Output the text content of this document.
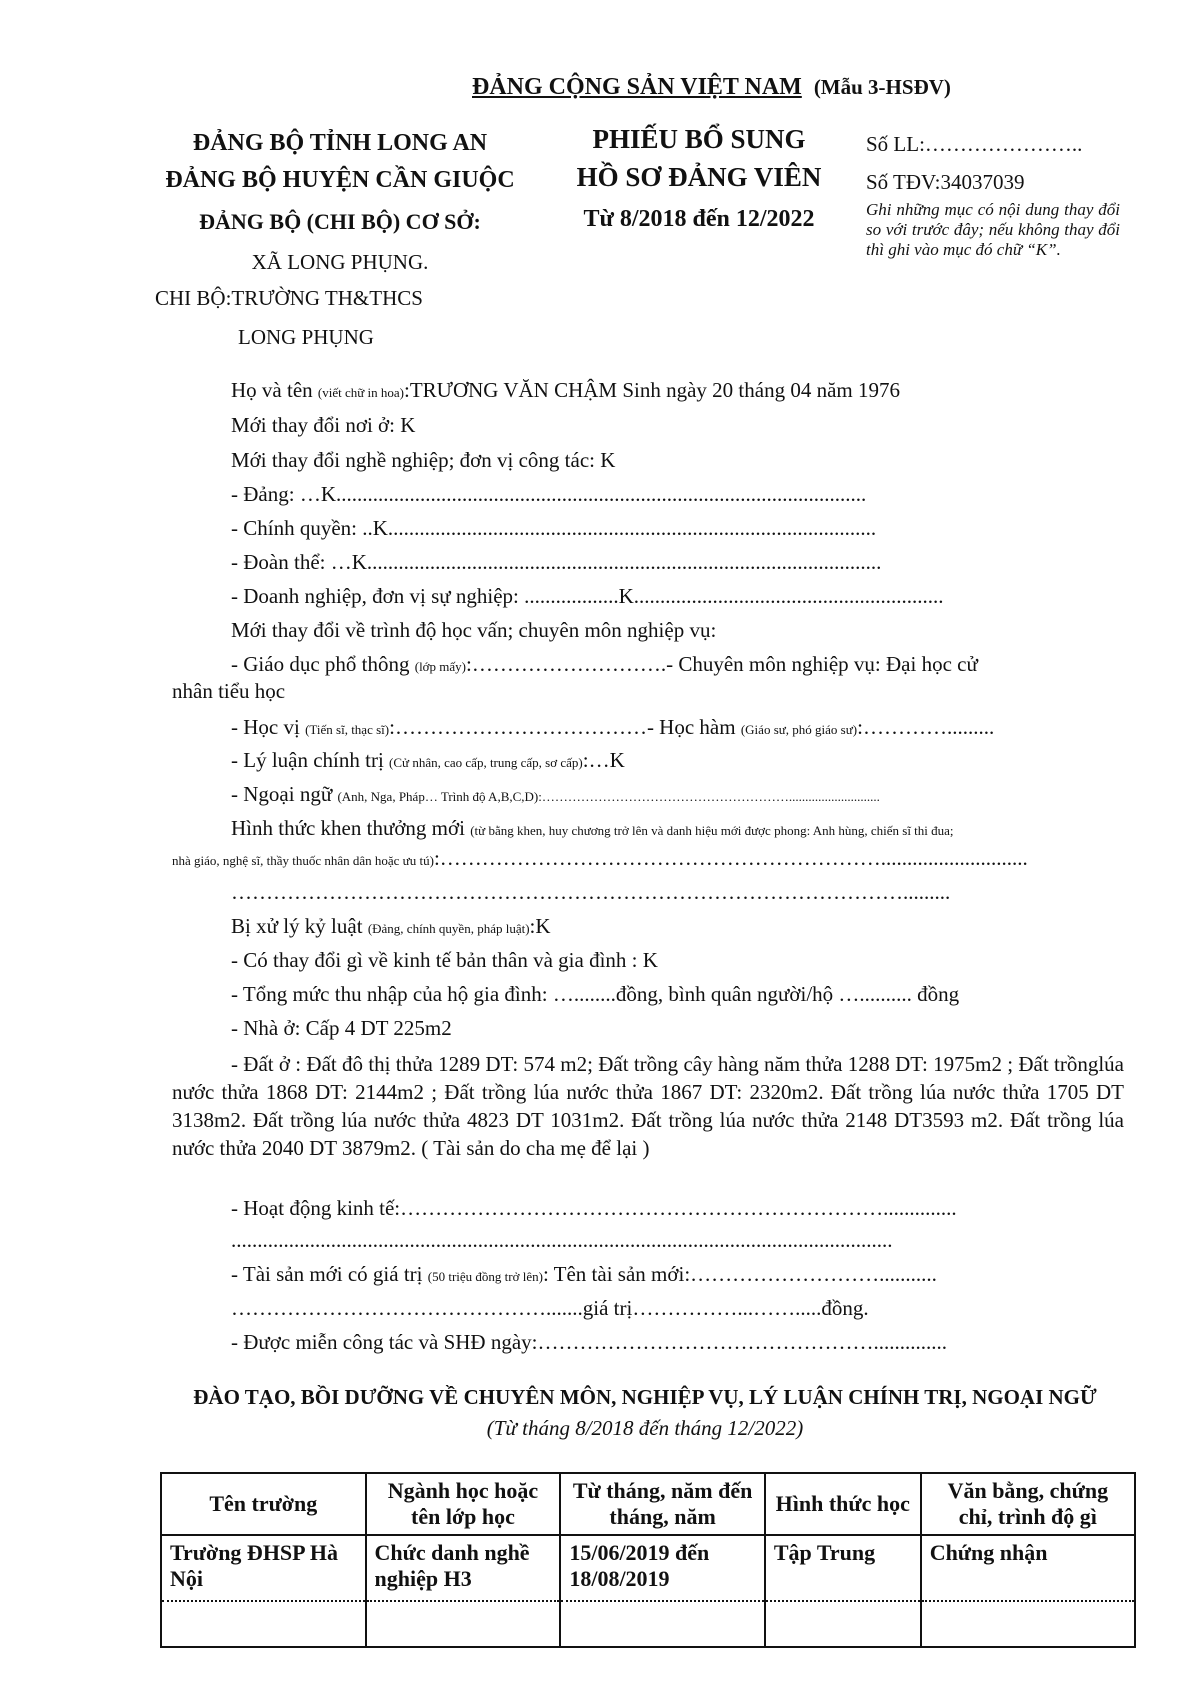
ĐẢNG CỘNG SẢN VIỆT NAM (Mẫu 3-HSĐV)
ĐẢNG BỘ TỈNH LONG AN
ĐẢNG BỘ HUYỆN CẦN GIUỘC
ĐẢNG BỘ (CHI BỘ) CƠ SỞ:
XÃ LONG PHỤNG.
CHI BỘ:TRƯỜNG TH&THCS
LONG PHỤNG
PHIẾU BỔ SUNG
HỒ SƠ ĐẢNG VIÊN
Từ 8/2018 đến 12/2022
Số LL:…………………..
Số TĐV:34037039
Ghi những mục có nội dung thay đổi so với trước đây; nếu không thay đổi thì ghi vào mục đó chữ “K”.
Họ và tên (viết chữ in hoa):TRƯƠNG VĂN CHẬM Sinh ngày 20 tháng 04 năm 1976
Mới thay đổi nơi ở: K
Mới thay đổi nghề nghiệp; đơn vị công tác: K
- Đảng: …K.....................................................................................................
- Chính quyền: ..K.............................................................................................
- Đoàn thể: …K..................................................................................................
- Doanh nghiệp, đơn vị sự nghiệp: ..................K...........................................................
Mới thay đổi về trình độ học vấn; chuyên môn nghiệp vụ:
- Giáo dục phổ thông (lớp mấy):……………………….- Chuyên môn nghiệp vụ: Đại học cử
nhân tiểu học
- Học vị (Tiến sĩ, thạc sĩ):………………………………- Học hàm (Giáo sư, phó giáo sư):………….........
- Lý luận chính trị (Cử nhân, cao cấp, trung cấp, sơ cấp):…K
- Ngoại ngữ (Anh, Nga, Pháp… Trình độ A,B,C,D):…………………………………………………............................
Hình thức khen thưởng mới (từ bằng khen, huy chương trở lên và danh hiệu mới được phong: Anh hùng, chiến sĩ thi đua;
nhà giáo, nghệ sĩ, thầy thuốc nhân dân hoặc ưu tú):………………………………………………………............................
…………………………………………………………………………………….........
Bị xử lý kỷ luật (Đảng, chính quyền, pháp luật):K
- Có thay đổi gì về kinh tế bản thân và gia đình : K
- Tổng mức thu nhập của hộ gia đình: …........đồng, bình quân người/hộ ….......... đồng
- Nhà ở: Cấp 4 DT 225m2
- Đất ở : Đất đô thị thửa 1289 DT: 574 m2; Đất trồng cây hàng năm thửa 1288 DT: 1975m2 ; Đất trồnglúa nước thửa 1868 DT: 2144m2 ; Đất trồng lúa nước thửa 1867 DT: 2320m2. Đất trồng lúa nước thửa 1705 DT 3138m2. Đất trồng lúa nước thửa 4823 DT 1031m2. Đất trồng lúa nước thửa 2148 DT3593 m2. Đất trồng lúa nước thửa 2040 DT 3879m2. ( Tài sản do cha mẹ để lại )
- Hoạt động kinh tế:……………………………………………………………..............
..............................................................................................................................
- Tài sản mới có giá trị (50 triệu đồng trở lên): Tên tài sản mới:………………………...........
……………………………………….......giá trị……………...…….....đồng.
- Được miễn công tác và SHĐ ngày:…………………………………………..............
ĐÀO TẠO, BỒI DƯỠNG VỀ CHUYÊN MÔN, NGHIỆP VỤ, LÝ LUẬN CHÍNH TRỊ, NGOẠI NGỮ
(Từ tháng 8/2018 đến tháng 12/2022)
Tên trường	Ngành học hoặc tên lớp học	Từ tháng, năm đến tháng, năm	Hình thức học	Văn bằng, chứng chỉ, trình độ gì
Trường ĐHSP Hà Nội	Chức danh nghề nghiệp H3	15/06/2019 đến 18/08/2019	Tập Trung	Chứng nhận
